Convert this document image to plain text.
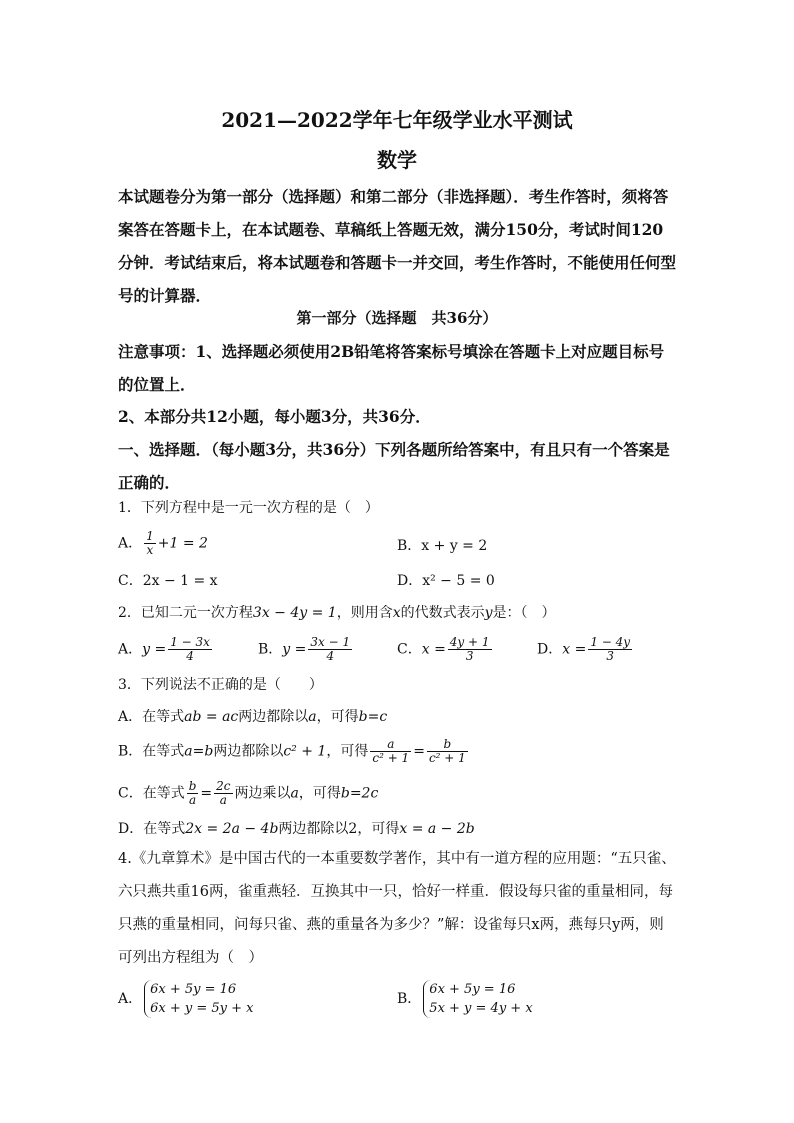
2021—2022学年七年级学业水平测试
数学

本试题卷分为第一部分（选择题）和第二部分（非选择题）．考生作答时，须将答案答在答题卡上，在本试题卷、草稿纸上答题无效，满分150分，考试时间120分钟．考试结束后，将本试题卷和答题卡一并交回，考生作答时，不能使用任何型号的计算器．

第一部分（选择题　共36分）

注意事项：1、选择题必须使用2B铅笔将答案标号填涂在答题卡上对应题目标号的位置上．

2、本部分共12小题，每小题3分，共36分．

一、选择题．（每小题3分，共36分）下列各题所给答案中，有且只有一个答案是正确的．

1．下列方程中是一元一次方程的是（　）
A． $\frac{1}{x} +1 = 2$	B．x + y = 2
C．2x − 1 = x	D．x² − 5 = 0
2．已知二元一次方程3x − 4y = 1，则用含x的代数式表示y是：（　）
A．$y = \frac{1 - 3x}{4}$	B．$y = \frac{3x - 1}{4}$	C．$x = \frac{4y + 1}{3}$	D．$x = \frac{1 - 4y}{3}$
3．下列说法不正确的是（　　）
A．在等式ab = ac两边都除以a，可得b=c
B．在等式a=b两边都除以c² + 1，可得 $\frac{a}{\text{c² + 1}} = \frac{b}{\text{c² + 1}}$
C．在等式 $\frac{b}{a} = \frac{2c}{a}$ 两边乘以a，可得b=2c
D．在等式2x = 2a − 4b两边都除以2，可得x = a − 2b

4.《九章算术》是中国古代的一本重要数学著作，其中有一道方程的应用题：“五只雀、六只燕共重16两，雀重燕轻．互换其中一只，恰好一样重．假设每只雀的重量相同，每只燕的重量相同，问每只雀、燕的重量各为多少？”解：设雀每只x两，燕每只y两，则可列出方程组为（　）

A．
6x + 5y = 16
6x + y = 5y + x
B．
6x + 5y = 16
5x + y = 4y + x
